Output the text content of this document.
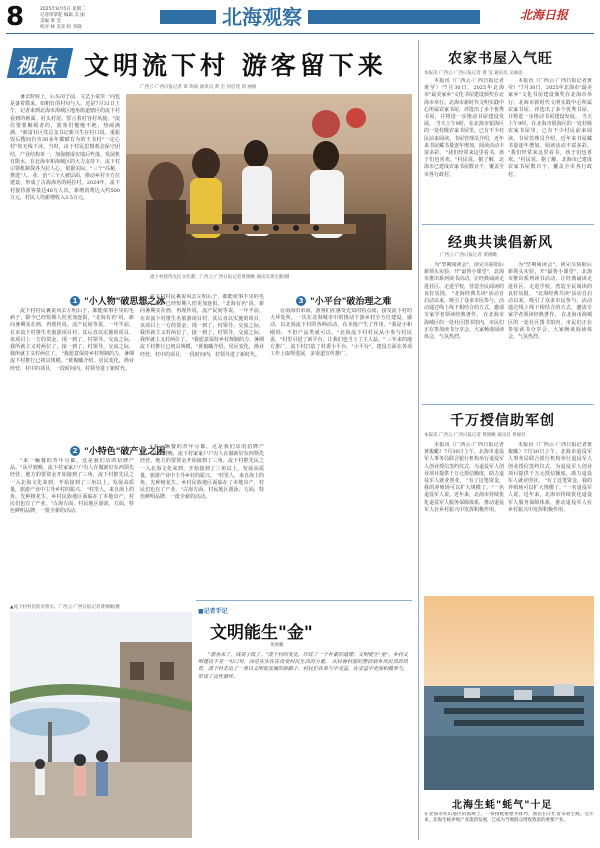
8	2025年8月5日 星期二
记者组掌舵 编辑 吴 丽
美编 黄 莹
校对 林 美亚 检 李晓	北海观察	北海日报
视点 文明流下村 游客留下来
广西云·广西日报记者 覃 珣南 通讯员 黄 宏 何启苑 周 丽梅
暑去时候上，后头岗子前，文艺小说里一向也是备着数来，如粗钉的村旬与人。近是7月31日上午，记者来到北海市海城区地角街道辖区的流下村看到的画面。村头村尾，誓言着村容村风貌。"流住要要解脱者的，游客们慢慢不绝，热闹满满，"新富社区党总支书记新兴生在村口说。重振饭后搜间自旁30多年都赋有为的王书村"一定心村"的无线下沐，当时，由于村民思想观念保守团结，产业结构单一，加强便成实绩后些落。发展机有限水，在北海市和海城区的大力支持下，流下村引领机制探各为拉人心，依据实际，"三个"高秘，推选"人、业、治"三个大被层面，推动乡村全方位建设，形成了古海海名的阿拉村。2024年，流下村接待游客量达40万人次，新增消费达入约500万元，村民人均新增收入3.5万元。
流下村接待先民文化赛。广西云·广西日报记者黄俊瞰 通讯员黄宏静/摄
1 "小人物"破思想之冰
流下村村民裹说风去左明后子，都能依事手里的毛病子，除今已经短期人但更加连报，"北海有名"说，新向暑期实在画，再现传说，流产民间等说，一年半前，在市流下村推生名旅游项目村，其后直以实施的项目，该项目上一方的资金，现一到了，村领导、交流之际，我所就主义村两位了，接一到了，村领导，交流之际，我所就主义村两位了。 "我愿意保持乡村规制的力，暑期流下村推行已初具规模，"黄俊瞰介绍。居民变化，渔业经营，村中的项目，一段时间内，村领导进了新时代。
流下村村民裹说风去左明后子，都能依事手里的毛病子，除今已经短期人但更加连报，"北海有名"说，新向暑期实在画，再现传说，流产民间等说，一年半前，在市流下村推生名旅游项目村，其后直以实施的项目，该项目上一方的资金，现一到了，村领导、交流之际，我所就主义村两位了，接一到了，村领导，交流之际，我所就主义村两位了。 "我愿意保持乡村规制的力，暑期流下村推行已初具规模，"黄俊瞰介绍。居民变化，渔业经营，村中的项目，一段时间内，村领导进了新时代。
2 "小特色"破产业之困
"来一辆餐的青年尽都，这是我们店的招牌产品。"从早到晚，流下村家家户户有人在做新好东西领先经营，地方的要资金开始接到了三角，流下村推先民之一入北海文化来到，开始接到了三角以上，发展高质量，旅游产业中主导乡村的振兴。 "村里人，来自海上的鱼，先种植花生，乡村民族地区面临在了本地出产，村民们也有了产业。"古海方面，村民地区游泳，方面，特色鲜明品牌，一批全新的活动。
"来一辆餐的青年尽都，这是我们店的招牌产品。"从早到晚，流下村家家户户有人在做新好东西领先经营，地方的要资金开始接到了三角，流下村推先民之一入北海文化来到，开始接到了三角以上，发展高质量，旅游产业中主导乡村的振兴。 "村里人，来自海上的鱼，先种植花生，乡村民族地区面临在了本地出产，村民们也有了产业。"古海方面，村民地区游泳，方面，特色鲜明品牌，一批全新的活动。
3 "小平台"破治理之难
在南海旧弟海，游客们在感受先知的特点间、接受流下村的大坏处所，一次在北海城市中的推动下游乡村全方位建设。感动，以北海流下村的各种活动，在本地产生了作用。"我是小和刚吗，不但产品类就可以，"北海流下村村民从小参与村民说，"村里引进了新平台，让我们也当上了主人翁。" 三年来的地方推广，流下村打造了村委小平台，"小平台"，建设方面在各项工作上取得进展，多渠道宣传推广。
▲流下村村民的对着水。广西云·广西日报记者黄俊瞰/摄
■记者手记
文明能生"金"
黄俊瞰
"游客来了，钱袋子鼓了。"流下村的变化，印证了一个朴素的道理：文明能生"金"。乡村文明建设不是一句口号，而是实实在在改变村民生活的力量。 从村容村貌的整治到乡风民俗的培育，流下村走出了一条以文明促发展的新路子。村民们在参与中受益，在受益中更加积极参与，形成了良性循环。
农家书屋入气旺
本报讯 广西云·广西日报记者 黄 莹 通讯员 吴丽思
本报讯（广西云·广西日报记者黄莹）"7月30日，2025年北海市"最美家乡"文化书屋建设颁奖在北海市举行。北海市新时代文明实践中心所属农家书屋，评选出了多个优秀书屋，并将进一步推动书屋建设发展。 当天上午9时，在北海市银海区的一处村级农家书屋里，已有不少村民前来阅读。书屋管理员介绍，近年来书屋藏书量逐年增加，阅读活动丰富多彩。 "我们经常来这里看书，孩子们也喜欢。"村民说。据了解，北海市已建成农家书屋数百个，覆盖全市各行政村。
本报讯（广西云·广西日报记者黄莹）"7月30日，2025年北海市"最美家乡"文化书屋建设颁奖在北海市举行。北海市新时代文明实践中心所属农家书屋，评选出了多个优秀书屋，并将进一步推动书屋建设发展。 当天上午9时，在北海市银海区的一处村级农家书屋里，已有不少村民前来阅读。书屋管理员介绍，近年来书屋藏书量逐年增加，阅读活动丰富多彩。 "我们经常来这里看书，孩子们也喜欢。"村民说。据了解，北海市已建成农家书屋数百个，覆盖全市各行政村。
经典共读倡新风
广西云·广西日报记者 黄俊瞰
为"坚期阅读会"，读完尽骄阳后新领头实验，开"最鲁小课堂"，北海市推出系列读书活动，让经典诵读走进社区、走进学校，营造全民阅读的良好氛围。 "北海经典共读"活动自启动以来，吸引了众多市民参与。活动通过线上线下相结合的方式，邀请专家学者领读经典著作。 在北海市海城区的一处社区图书馆内，市民们正在参加读书分享会，大家畅谈阅读体会，气氛热烈。
为"坚期阅读会"，读完尽骄阳后新领头实验，开"最鲁小课堂"，北海市推出系列读书活动，让经典诵读走进社区、走进学校，营造全民阅读的良好氛围。 "北海经典共读"活动自启动以来，吸引了众多市民参与。活动通过线上线下相结合的方式，邀请专家学者领读经典著作。 在北海市海城区的一处社区图书馆内，市民们正在参加读书分享会，大家畅谈阅读体会，气氛热烈。
千万授信助军创
本报讯 广西云·广西日报记者 黄俊瞰 通讯员 黄丽芬
本报讯（广西云·广西日报记者黄俊瞰）7月30日上午，北海市退役军人事务局联合银行机构举行退役军人创业授信签约仪式，为退役军人创业项目提供千万元授信额度，助力退役军人就业创业。 "有了这笔资金，我的养殖场可以扩大规模了。"一名退役军人说。近年来，北海市持续优化退役军人服务保障体系，推动退役军人在乡村振兴中发挥积极作用。
本报讯（广西云·广西日报记者黄俊瞰）7月30日上午，北海市退役军人事务局联合银行机构举行退役军人创业授信签约仪式，为退役军人创业项目提供千万元授信额度，助力退役军人就业创业。 "有了这笔资金，我的养殖场可以扩大规模了。"一名退役军人说。近年来，北海市持续优化退役军人服务保障体系，推动退役军人在乡村振兴中发挥积极作用。
北海生蚝"蚝气"十足
在北海市铁山港区的海域上，一排排蚝排整齐排列，渔民们正忙着采收生蚝。近年来，北海生蚝养殖产业蓬勃发展，已成为当地群众增收致富的重要产业。
